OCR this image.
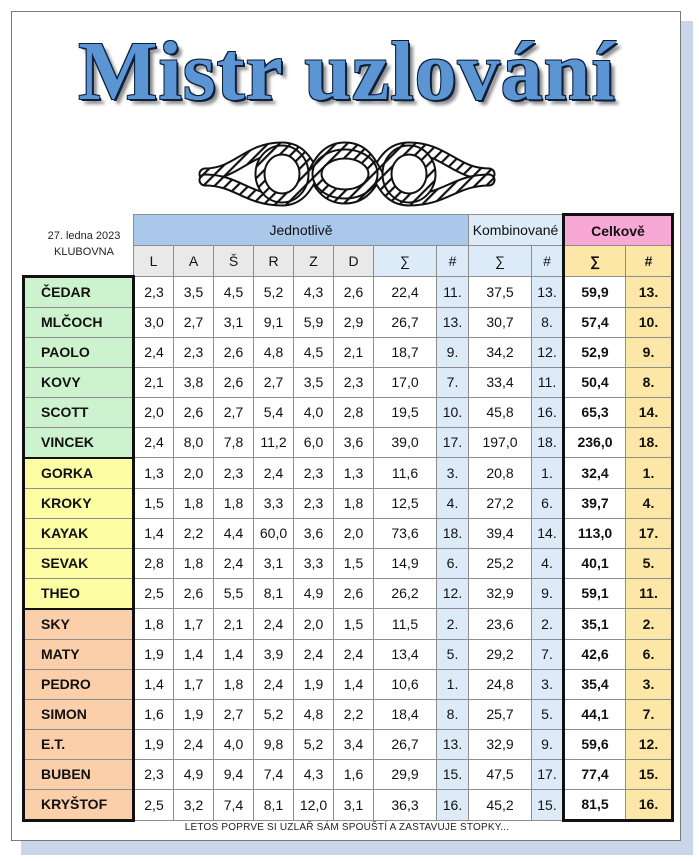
Mistr uzlování
27. ledna 2023
KLUBOVNA
	Jednotlivě								Kombinované		Celkově	
	L	A	Š	R	Z	D	∑	#	∑	#	∑	#
ČEDAR	2,3	3,5	4,5	5,2	4,3	2,6	22,4	11.	37,5	13.	59,9	13.
MLČOCH	3,0	2,7	3,1	9,1	5,9	2,9	26,7	13.	30,7	8.	57,4	10.
PAOLO	2,4	2,3	2,6	4,8	4,5	2,1	18,7	9.	34,2	12.	52,9	9.
KOVY	2,1	3,8	2,6	2,7	3,5	2,3	17,0	7.	33,4	11.	50,4	8.
SCOTT	2,0	2,6	2,7	5,4	4,0	2,8	19,5	10.	45,8	16.	65,3	14.
VINCEK	2,4	8,0	7,8	11,2	6,0	3,6	39,0	17.	197,0	18.	236,0	18.
GORKA	1,3	2,0	2,3	2,4	2,3	1,3	11,6	3.	20,8	1.	32,4	1.
KROKY	1,5	1,8	1,8	3,3	2,3	1,8	12,5	4.	27,2	6.	39,7	4.
KAYAK	1,4	2,2	4,4	60,0	3,6	2,0	73,6	18.	39,4	14.	113,0	17.
SEVAK	2,8	1,8	2,4	3,1	3,3	1,5	14,9	6.	25,2	4.	40,1	5.
THEO	2,5	2,6	5,5	8,1	4,9	2,6	26,2	12.	32,9	9.	59,1	11.
SKY	1,8	1,7	2,1	2,4	2,0	1,5	11,5	2.	23,6	2.	35,1	2.
MATY	1,9	1,4	1,4	3,9	2,4	2,4	13,4	5.	29,2	7.	42,6	6.
PEDRO	1,4	1,7	1,8	2,4	1,9	1,4	10,6	1.	24,8	3.	35,4	3.
SIMON	1,6	1,9	2,7	5,2	4,8	2,2	18,4	8.	25,7	5.	44,1	7.
E.T.	1,9	2,4	4,0	9,8	5,2	3,4	26,7	13.	32,9	9.	59,6	12.
BUBEN	2,3	4,9	9,4	7,4	4,3	1,6	29,9	15.	47,5	17.	77,4	15.
KRYŠTOF	2,5	3,2	7,4	8,1	12,0	3,1	36,3	16.	45,2	15.	81,5	16.
LETOS POPRVE SI UZLAŘ SÁM SPOUŠTÍ A ZASTAVUJE STOPKY...
